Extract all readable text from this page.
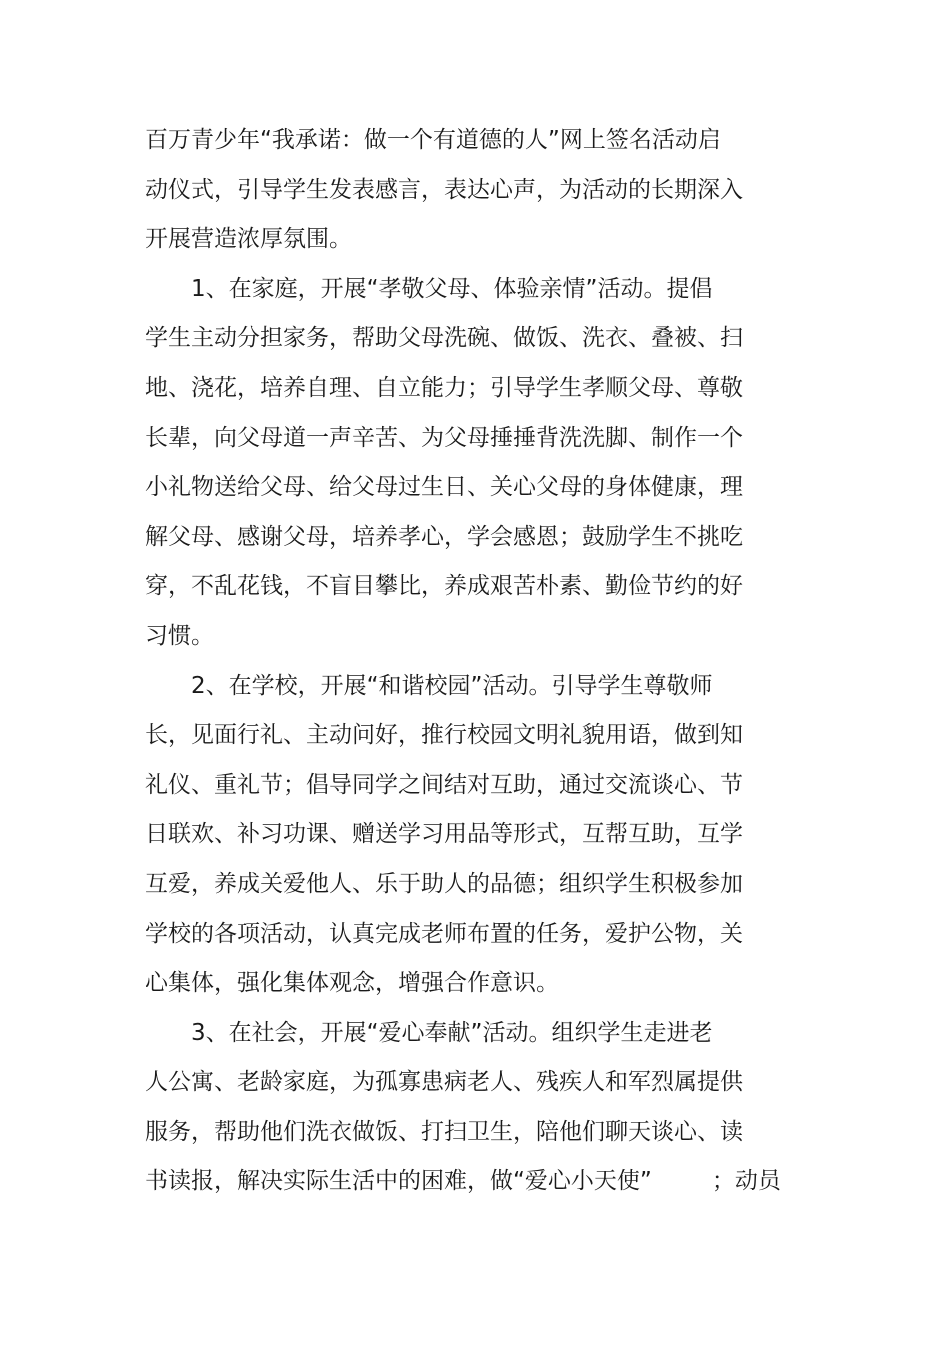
百万青少年“我承诺：做一个有道德的人”网上签名活动启
动仪式，引导学生发表感言，表达心声，为活动的长期深入
开展营造浓厚氛围。
1、在家庭，开展“孝敬父母、体验亲情”活动。提倡
学生主动分担家务，帮助父母洗碗、做饭、洗衣、叠被、扫
地、浇花，培养自理、自立能力；引导学生孝顺父母、尊敬
长辈，向父母道一声辛苦、为父母捶捶背洗洗脚、制作一个
小礼物送给父母、给父母过生日、关心父母的身体健康，理
解父母、感谢父母，培养孝心，学会感恩；鼓励学生不挑吃
穿，不乱花钱，不盲目攀比，养成艰苦朴素、勤俭节约的好
习惯。
2、在学校，开展“和谐校园”活动。引导学生尊敬师
长，见面行礼、主动问好，推行校园文明礼貌用语，做到知
礼仪、重礼节；倡导同学之间结对互助，通过交流谈心、节
日联欢、补习功课、赠送学习用品等形式，互帮互助，互学
互爱，养成关爱他人、乐于助人的品德；组织学生积极参加
学校的各项活动，认真完成老师布置的任务，爱护公物，关
心集体，强化集体观念，增强合作意识。
3、在社会，开展“爱心奉献”活动。组织学生走进老
人公寓、老龄家庭，为孤寡患病老人、残疾人和军烈属提供
服务，帮助他们洗衣做饭、打扫卫生，陪他们聊天谈心、读
书读报，解决实际生活中的困难，做“爱心小天使”	；动员
